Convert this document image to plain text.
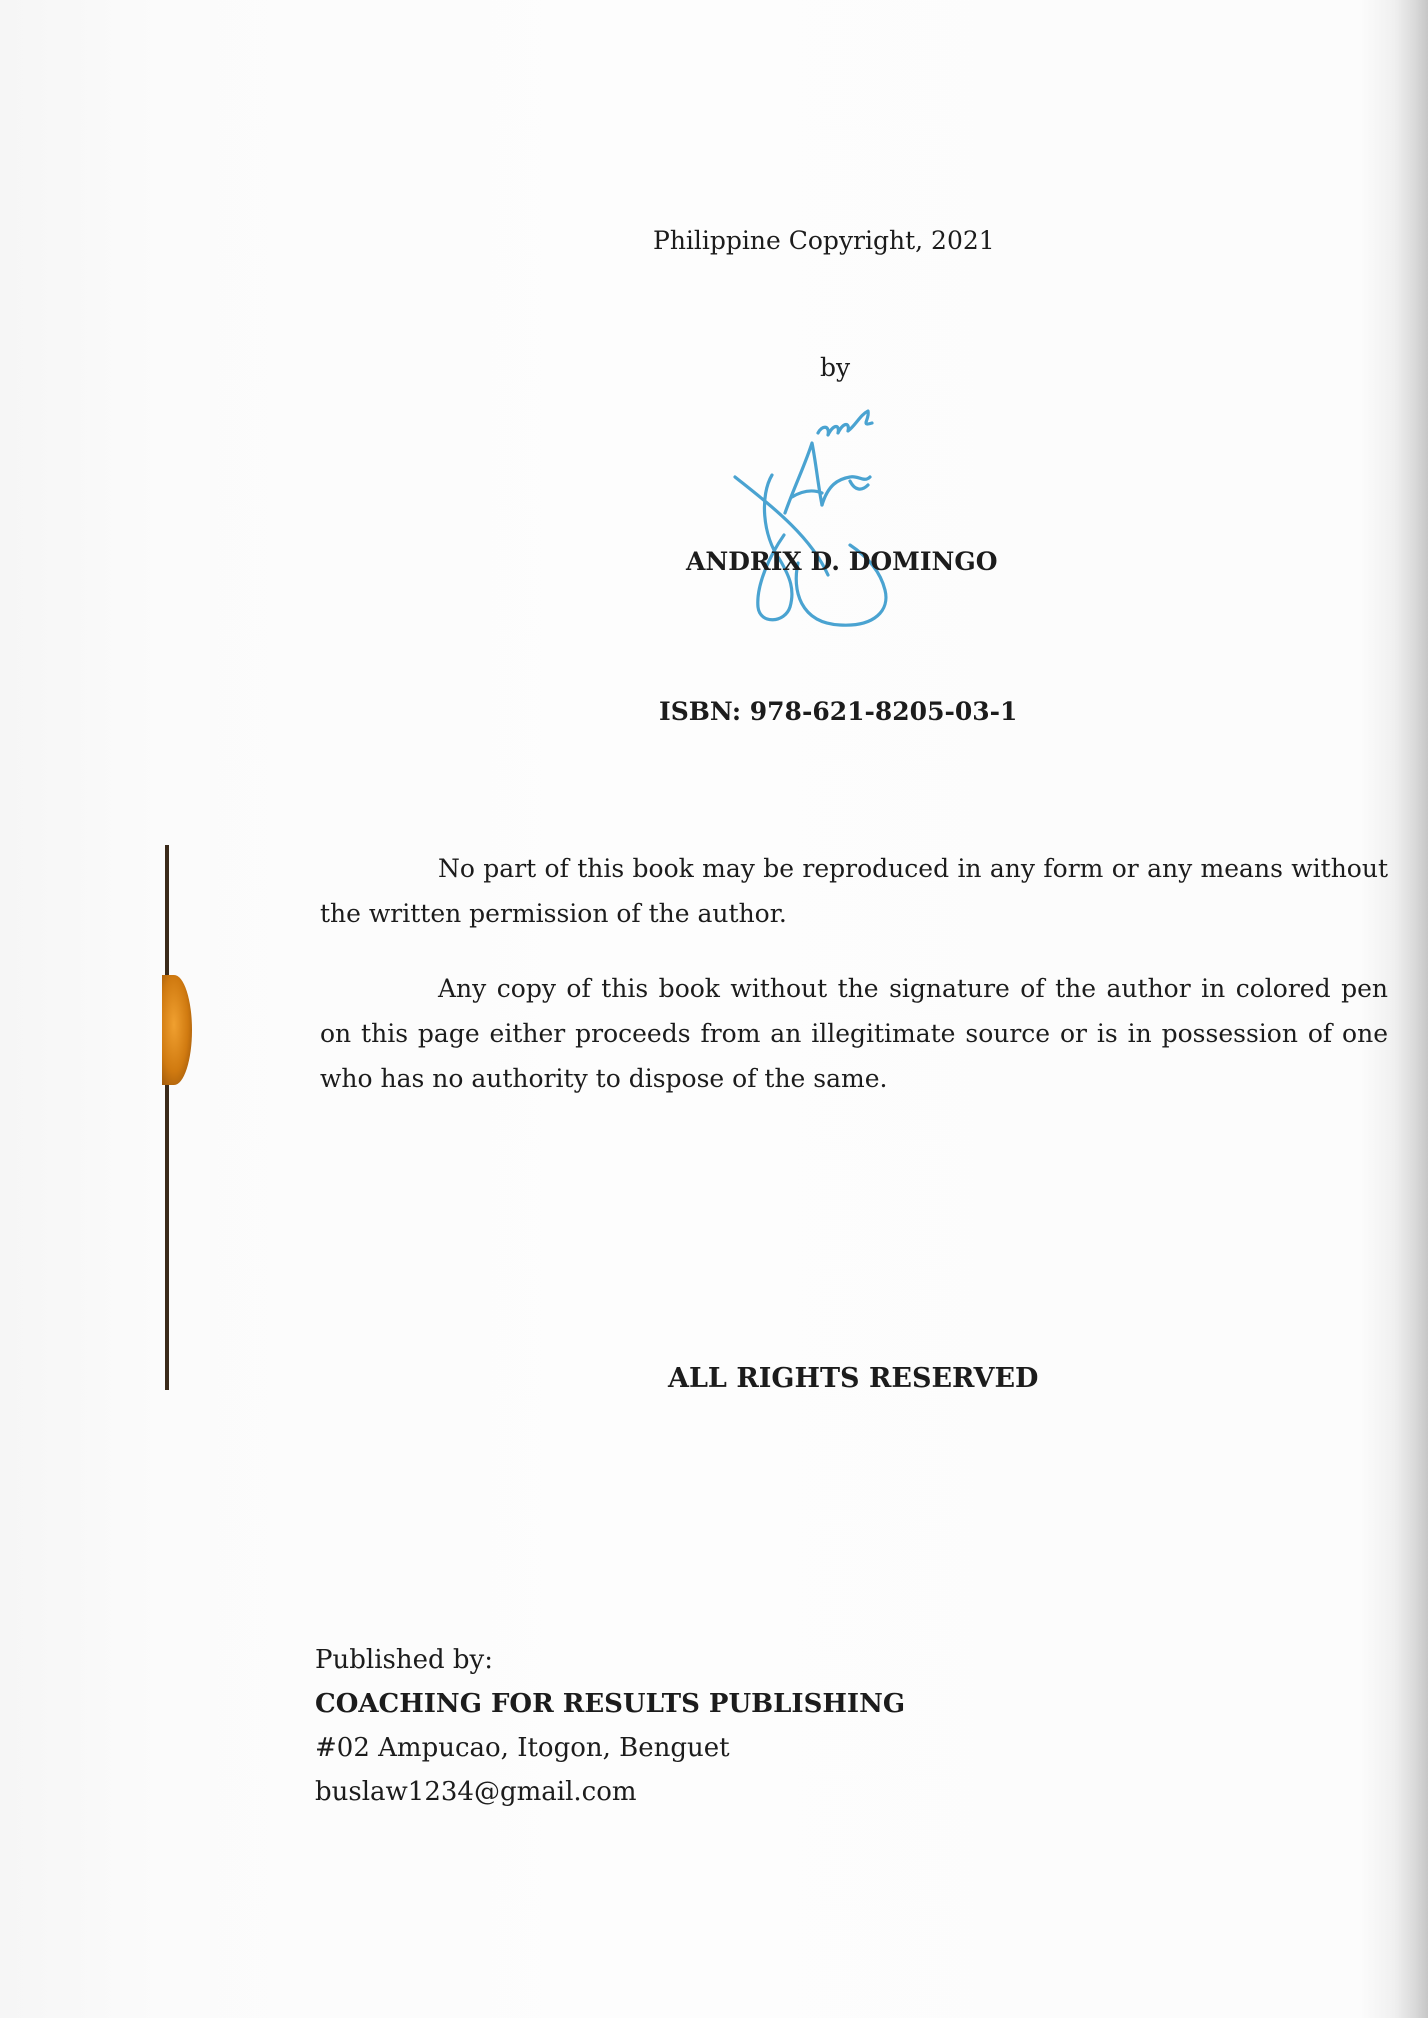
Philippine Copyright, 2021
by
ANDRIX D. DOMINGO
ISBN: 978-621-8205-03-1

No part of this book may be reproduced in any form or any means without the written permission of the author.

Any copy of this book without the signature of the author in colored pen on this page either proceeds from an illegitimate source or is in possession of one who has no authority to dispose of the same.

ALL RIGHTS RESERVED
Published by:
COACHING FOR RESULTS PUBLISHING
#02 Ampucao, Itogon, Benguet
buslaw1234@gmail.com
